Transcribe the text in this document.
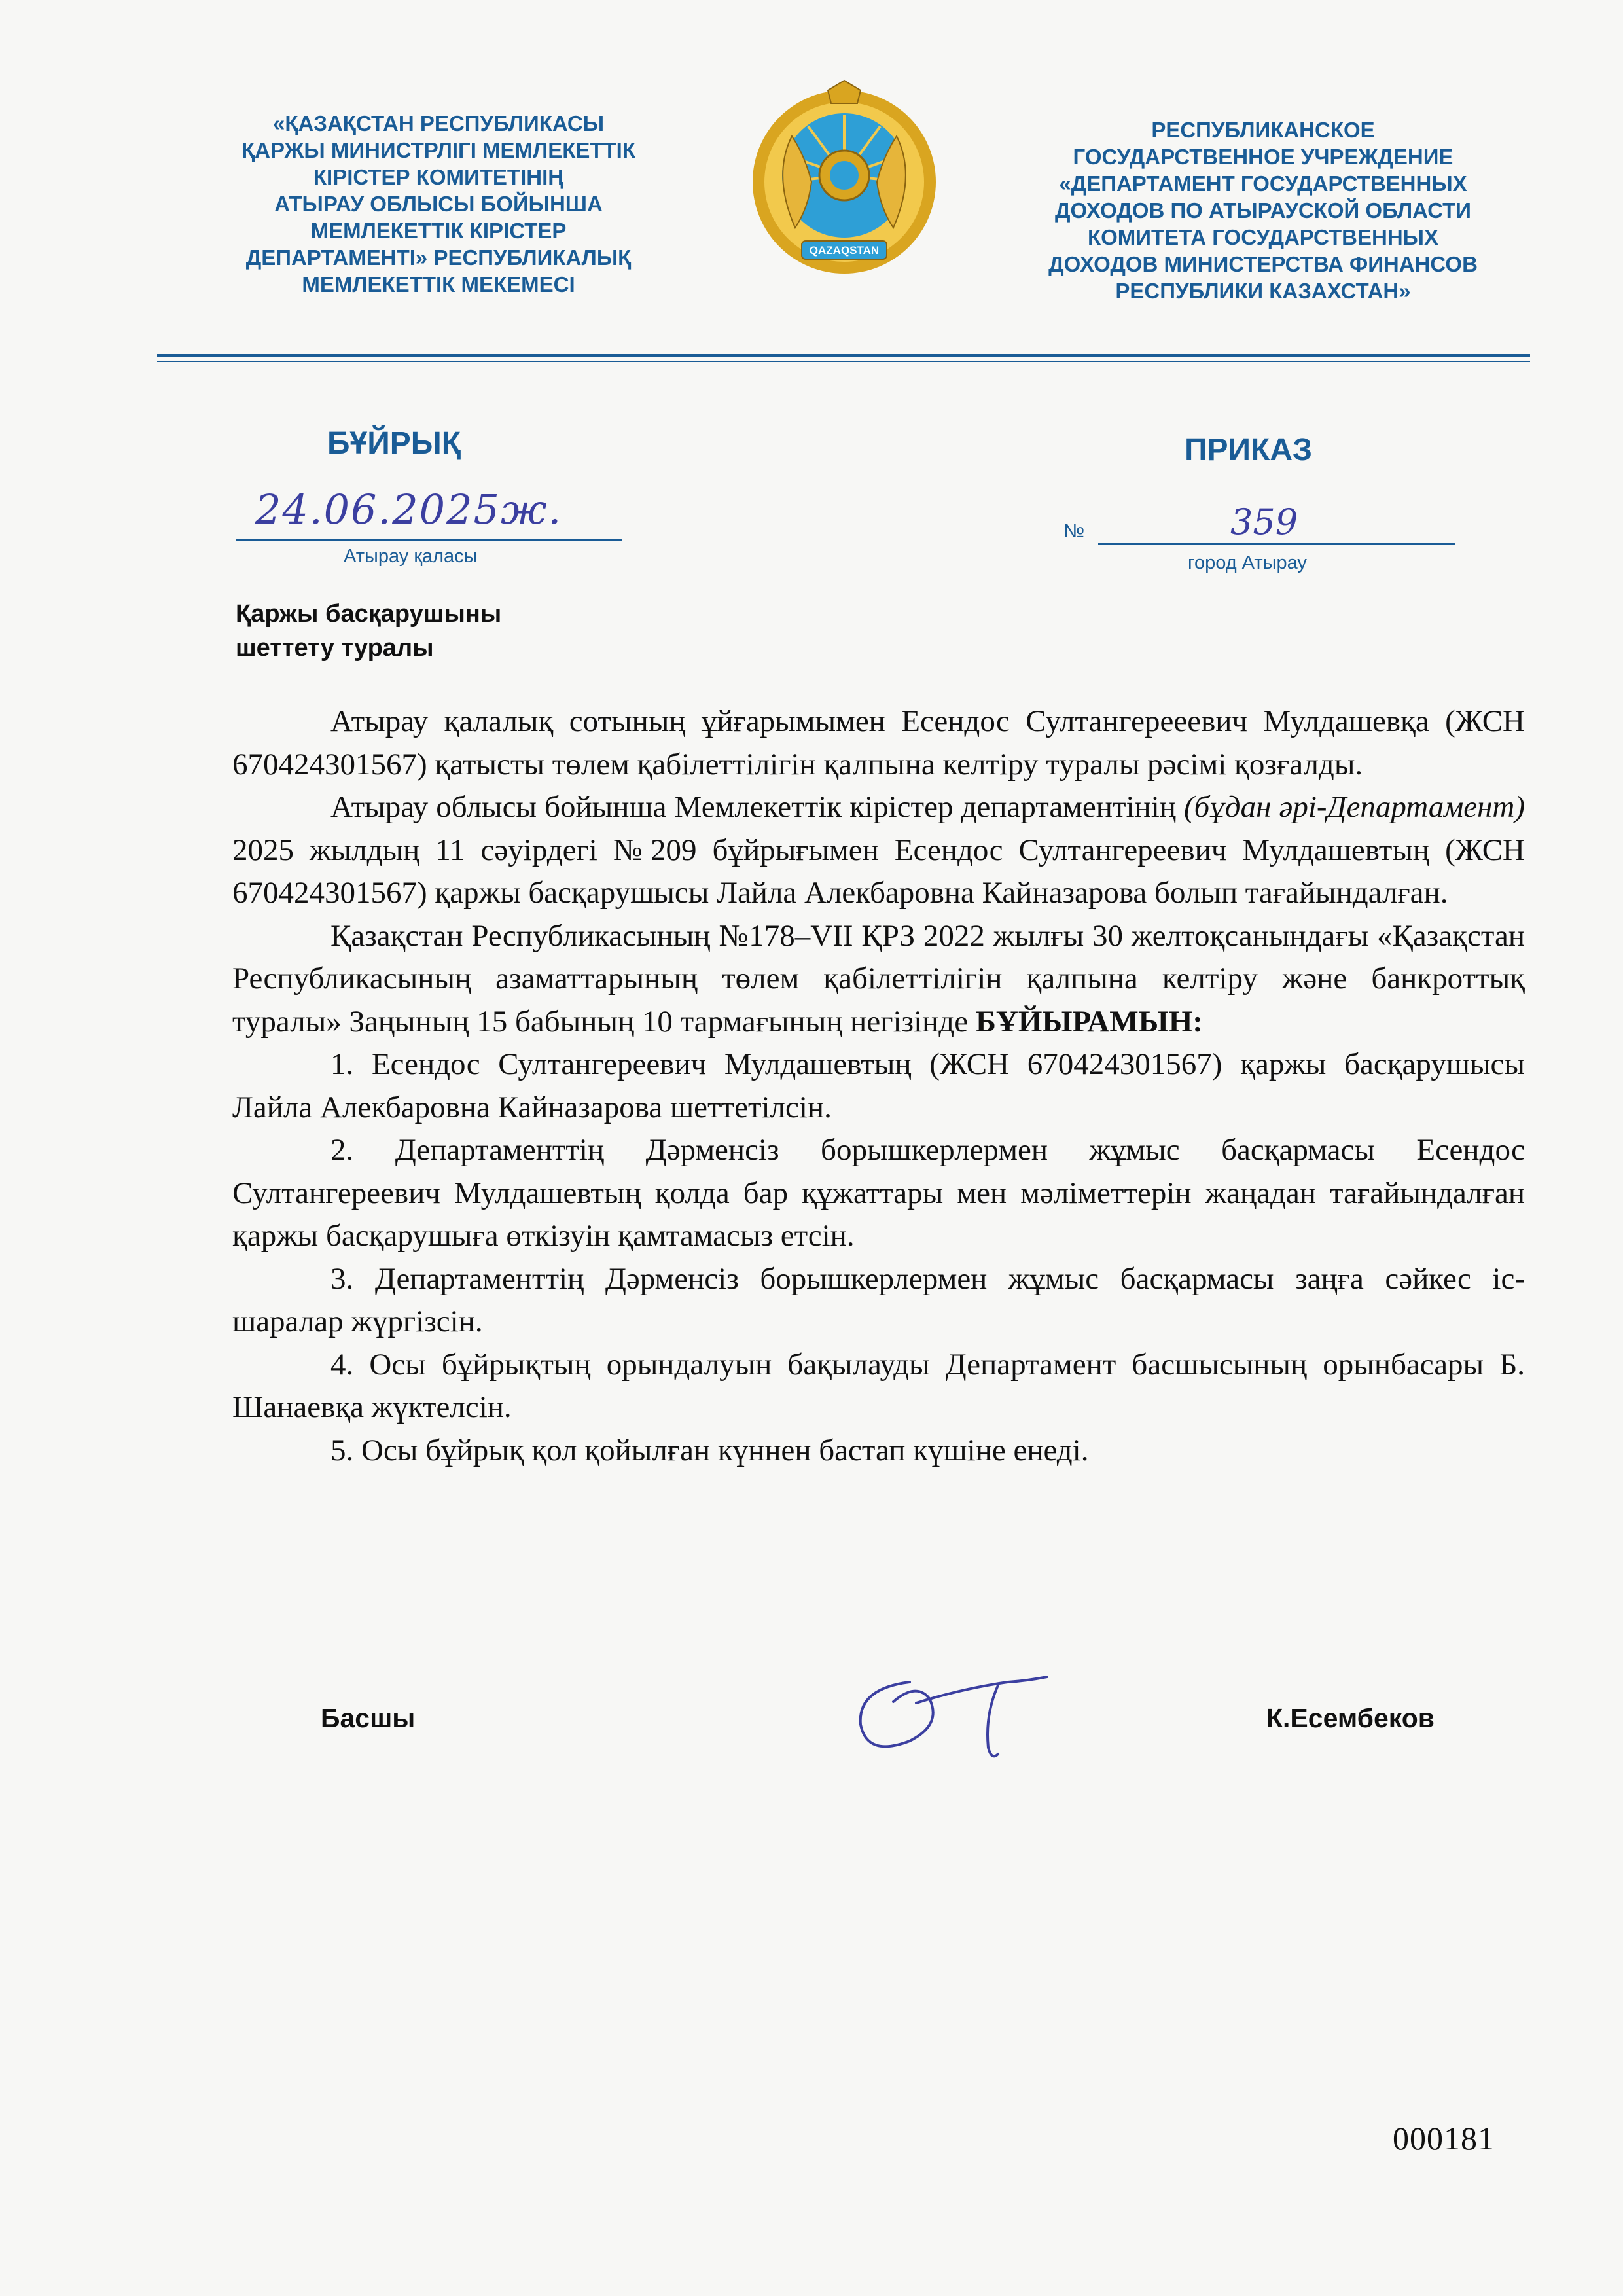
«ҚАЗАҚСТАН РЕСПУБЛИКАСЫ
ҚАРЖЫ МИНИСТРЛІГІ МЕМЛЕКЕТТІК
КІРІСТЕР КОМИТЕТІНІҢ
АТЫРАУ ОБЛЫСЫ БОЙЫНША
МЕМЛЕКЕТТІК КІРІСТЕР
ДЕПАРТАМЕНТІ» РЕСПУБЛИКАЛЫҚ
МЕМЛЕКЕТТІК МЕКЕМЕСІ
QAZAQSTAN
РЕСПУБЛИКАНСКОЕ
ГОСУДАРСТВЕННОЕ УЧРЕЖДЕНИЕ
«ДЕПАРТАМЕНТ ГОСУДАРСТВЕННЫХ
ДОХОДОВ ПО АТЫРАУСКОЙ ОБЛАСТИ
КОМИТЕТА ГОСУДАРСТВЕННЫХ
ДОХОДОВ МИНИСТЕРСТВА ФИНАНСОВ
РЕСПУБЛИКИ КАЗАХСТАН»
БҰЙРЫҚ	ПРИКАЗ
24.06.2025ж.
Атырау қаласы
№	359
город Атырау
Қаржы басқарушыны
шеттету туралы

Атырау қалалық сотының ұйғарымымен Есендос Султангерееевич Мулдашевқа (ЖСН 670424301567) қатысты төлем қабілеттілігін қалпына келтіру туралы рәсімі қозғалды.

Атырау облысы бойынша Мемлекеттік кірістер департаментінің (бұдан әрі-Департамент) 2025 жылдың 11 сәуірдегі №209 бұйрығымен Есендос Султангереевич Мулдашевтың (ЖСН 670424301567) қаржы басқарушысы Лайла Алекбаровна Кайназарова болып тағайындалған.

Қазақстан Республикасының №178–VII ҚРЗ 2022 жылғы 30 желтоқсанындағы «Қазақстан Республикасының азаматтарының төлем қабілеттілігін қалпына келтіру және банкроттық туралы» Заңының 15 бабының 10 тармағының негізінде БҰЙЫРАМЫН:

1. Есендос Султангереевич Мулдашевтың (ЖСН 670424301567) қаржы басқарушысы Лайла Алекбаровна Кайназарова шеттетілсін.

2. Департаменттің Дәрменсіз борышкерлермен жұмыс басқармасы Есендос Султангереевич Мулдашевтың қолда бар құжаттары мен мәліметтерін жаңадан тағайындалған қаржы басқарушыға өткізуін қамтамасыз етсін.

3. Департаменттің Дәрменсіз борышкерлермен жұмыс басқармасы заңға сәйкес іс-шаралар жүргізсін.

4. Осы бұйрықтың орындалуын бақылауды Департамент басшысының орынбасары Б. Шанаевқа жүктелсін.

5. Осы бұйрық қол қойылған күннен бастап күшіне енеді.

Басшы	К.Есембеков
000181
